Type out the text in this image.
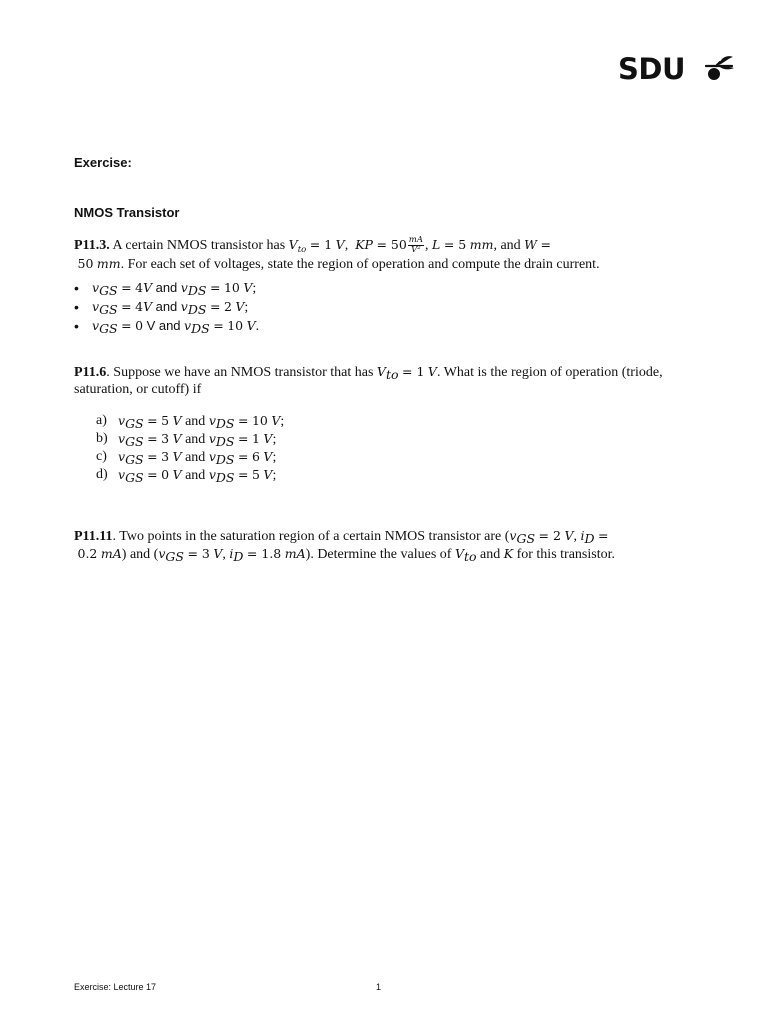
SDU
Exercise:
NMOS Transistor
P11.3. A certain NMOS transistor has $V_{to} = 1$ V,  KP = $50 \frac{mA}{\text{V²}}$ , L = 5 mm, and W =
50 mm. For each set of voltages, state the region of operation and compute the drain current.
• $v_{GS} = 4V$ and $v_{DS} = 10$ V;
• $v_{GS} = 4V$ and $v_{DS} = 2$ V;
• $v_{GS} = 0$ V and $v_{DS} = 10$ V.
P11.6. Suppose we have an NMOS transistor that has $V_{to} = 1$ V. What is the region of operation (triode, saturation, or cutoff) if
a) $v_{GS} = 5$ V and $v_{DS} = 10$ V;
b) $v_{GS} = 3$ V and $v_{DS} = 1$ V;
c) $v_{GS} = 3$ V and $v_{DS} = 6$ V;
d) $v_{GS} = 0$ V and $v_{DS} = 5$ V;
P11.11. Two points in the saturation region of a certain NMOS transistor are ($v_{GS} = 2$ V, $i_D$ =
0.2 mA) and ($v_{GS} = 3$ V, $i_D = 1.8$ mA). Determine the values of $V_{to}$ and K for this transistor.
Exercise: Lecture 17	1
